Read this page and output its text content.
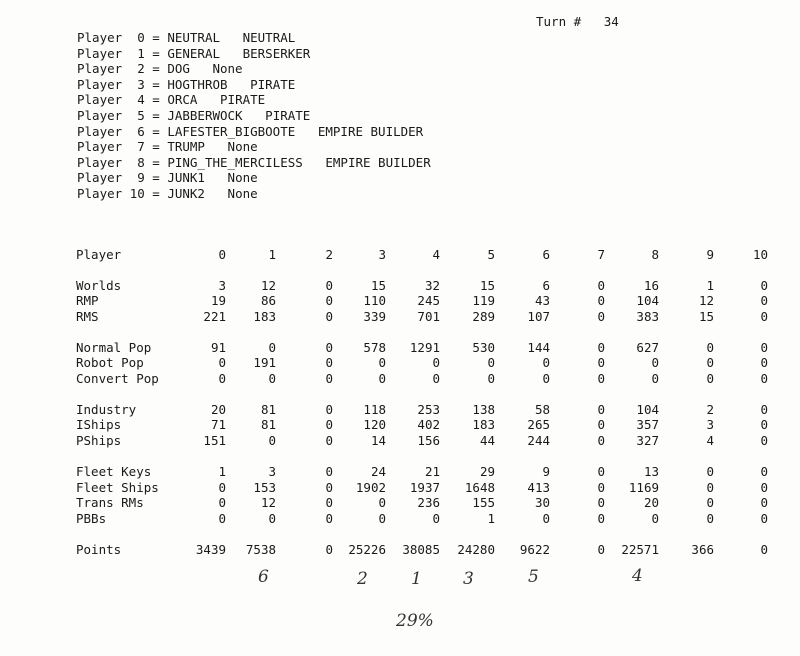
Turn # 34
Player 0 = NEUTRAL NEUTRAL
Player 1 = GENERAL BERSERKER
Player 2 = DOG None
Player 3 = HOGTHROB PIRATE
Player 4 = ORCA PIRATE
Player 5 = JABBERWOCK PIRATE
Player 6 = LAFESTER_BIGBOOTE EMPIRE BUILDER
Player 7 = TRUMP None
Player 8 = PING_THE_MERCILESS EMPIRE BUILDER
Player 9 = JUNK1 None
Player 10 = JUNK2 None
Player	0	1	2	3	4	5	6	7	8	9	10
Worlds	3	12	0	15	32	15	6	0	16	1	0
RMP	19	86	0	110	245	119	43	0	104	12	0
RMS	221	183	0	339	701	289	107	0	383	15	0
Normal Pop	91	0	0	578	1291	530	144	0	627	0	0
Robot Pop	0	191	0	0	0	0	0	0	0	0	0
Convert Pop	0	0	0	0	0	0	0	0	0	0	0
Industry	20	81	0	118	253	138	58	0	104	2	0
IShips	71	81	0	120	402	183	265	0	357	3	0
PShips	151	0	0	14	156	44	244	0	327	4	0
Fleet Keys	1	3	0	24	21	29	9	0	13	0	0
Fleet Ships	0	153	0	1902	1937	1648	413	0	1169	0	0
Trans RMs	0	12	0	0	236	155	30	0	20	0	0
PBBs	0	0	0	0	0	1	0	0	0	0	0
Points	3439	7538	0	25226	38085	24280	9622	0	22571	366	0
6	2	1 3	5	4
29%
